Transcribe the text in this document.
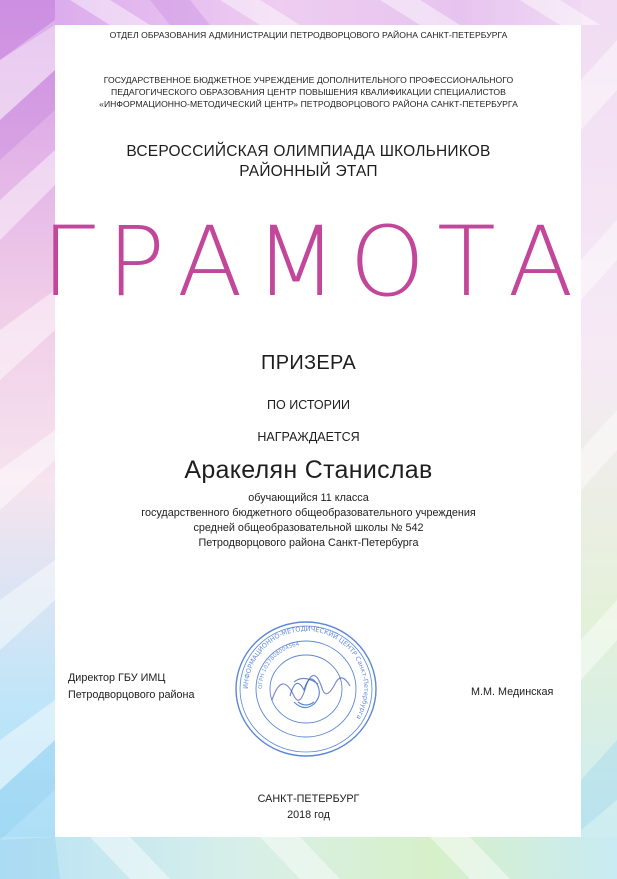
ОТДЕЛ ОБРАЗОВАНИЯ АДМИНИСТРАЦИИ ПЕТРОДВОРЦОВОГО РАЙОНА САНКТ-ПЕТЕРБУРГА
ГОСУДАРСТВЕННОЕ БЮДЖЕТНОЕ УЧРЕЖДЕНИЕ ДОПОЛНИТЕЛЬНОГО ПРОФЕССИОНАЛЬНОГО
ПЕДАГОГИЧЕСКОГО ОБРАЗОВАНИЯ ЦЕНТР ПОВЫШЕНИЯ КВАЛИФИКАЦИИ СПЕЦИАЛИСТОВ
«ИНФОРМАЦИОННО-МЕТОДИЧЕСКИЙ ЦЕНТР» ПЕТРОДВОРЦОВОГО РАЙОНА САНКТ-ПЕТЕРБУРГА
ВСЕРОССИЙСКАЯ ОЛИМПИАДА ШКОЛЬНИКОВ
РАЙОННЫЙ ЭТАП
ГРАМОТА
ПРИЗЕРА
ПО ИСТОРИИ
НАГРАЖДАЕТСЯ
Аракелян Станислав
обучающийся 11 класса
государственного бюджетного общеобразовательного учреждения
средней общеобразовательной школы № 542
Петродворцового района Санкт-Петербурга
Директор ГБУ ИМЦ
Петродворцового района	М.М. Мединская
ИНФОРМАЦИОННО-МЕТОДИЧЕСКИЙ ЦЕНТР Санкт-Петербурга
ОГРН 1027808004564
САНКТ-ПЕТЕРБУРГ
2018 год
